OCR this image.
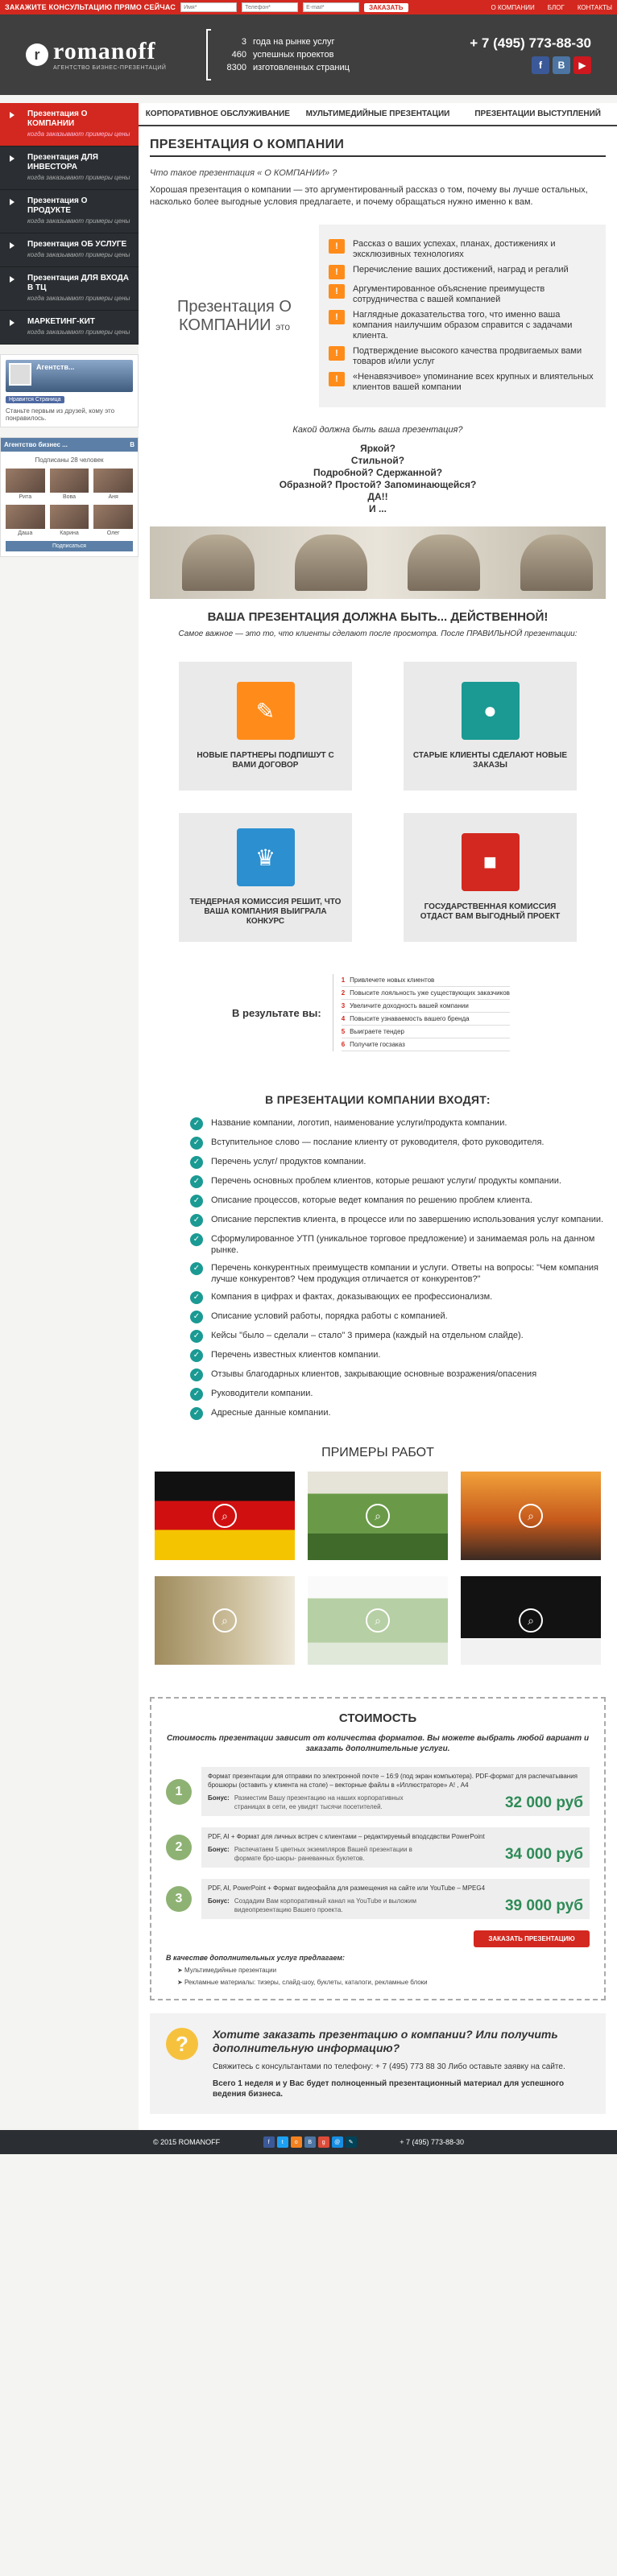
ЗАКАЖИТЕ КОНСУЛЬТАЦИЮ ПРЯМО СЕЙЧАС
Имя*
Телефон*
E-mail*	ЗАКАЗАТЬ	О КОМПАНИИ БЛОГ КОНТАКТЫ
r romanoff
АГЕНТСТВО БИЗНЕС-ПРЕЗЕНТАЦИЙ
3 года на рынке услуг
460 успешных проектов
8300 изготовленных страниц
+ 7 (495) 773-88-30
f	B	▶
Презентация О КОМПАНИИ
когда заказывают примеры цены
Презентация ДЛЯ ИНВЕСТОРА
когда заказывают примеры цены
Презентация О ПРОДУКТЕ
когда заказывают примеры цены
Презентация ОБ УСЛУГЕ
когда заказывают примеры цены
Презентация ДЛЯ ВХОДА В ТЦ
когда заказывают примеры цены
МАРКЕТИНГ-КИТ
когда заказывают примеры цены
Агентств...
Нравится Страница
Станьте первым из друзей, кому это понравилось.
Агентство бизнес ...	B
Подписаны 28 человек
Рита	Вова	Аня
Даша	Карина	Олег
Подписаться
КОРПОРАТИВНОЕ ОБСЛУЖИВАНИЕ	МУЛЬТИМЕДИЙНЫЕ ПРЕЗЕНТАЦИИ	ПРЕЗЕНТАЦИИ ВЫСТУПЛЕНИЙ
ПРЕЗЕНТАЦИЯ О КОМПАНИИ
Что такое презентация « О КОМПАНИИ» ?
Хорошая презентация о компании — это аргументированный рассказ о том, почему вы лучше остальных, насколько более выгодные условия предлагаете, и почему обращаться нужно именно к вам.
Презентация О КОМПАНИИ это
!	Рассказ о ваших успехах, планах, достижениях и эксклюзивных технологиях
!	Перечисление ваших достижений, наград и регалий
!	Аргументированное объяснение преимуществ сотрудничества с вашей компанией
!	Наглядные доказательства того, что именно ваша компания наилучшим образом справится с задачами клиента.
!	Подтверждение высокого качества продвигаемых вами товаров и/или услуг
!	«Ненавязчивое» упоминание всех крупных и влиятельных клиентов вашей компании
Какой должна быть ваша презентация?
Яркой?
Стильной?
Подробной? Сдержанной?
Образной? Простой? Запоминающейся?
ДА!!
И ...
ВАША ПРЕЗЕНТАЦИЯ ДОЛЖНА БЫТЬ... ДЕЙСТВЕННОЙ!
Самое важное — это то, что клиенты сделают после просмотра. После ПРАВИЛЬНОЙ презентации:
✎
НОВЫЕ ПАРТНЕРЫ ПОДПИШУТ С ВАМИ ДОГОВОР
●
СТАРЫЕ КЛИЕНТЫ СДЕЛАЮТ НОВЫЕ ЗАКАЗЫ
♛
ТЕНДЕРНАЯ КОМИССИЯ РЕШИТ, ЧТО ВАША КОМПАНИЯ ВЫИГРАЛА КОНКУРС
■
ГОСУДАРСТВЕННАЯ КОМИССИЯ ОТДАСТ ВАМ ВЫГОДНЫЙ ПРОЕКТ
В результате вы:
1 Привлечете новых клиентов
2 Повысите лояльность уже существующих заказчиков
3 Увеличите доходность вашей компании
4 Повысите узнаваемость вашего бренда
5 Выиграете тендер
6 Получите госзаказ
В ПРЕЗЕНТАЦИИ КОМПАНИИ ВХОДЯТ:
✓	Название компании, логотип, наименование услуги/продукта компании.
✓	Вступительное слово — послание клиенту от руководителя, фото руководителя.
✓	Перечень услуг/ продуктов компании.
✓	Перечень основных проблем клиентов, которые решают услуги/ продукты компании.
✓	Описание процессов, которые ведет компания по решению проблем клиента.
✓	Описание перспектив клиента, в процессе или по завершению использования услуг компании.
✓	Сформулированное УТП (уникальное торговое предложение) и занимаемая роль на данном рынке.
✓	Перечень конкурентных преимуществ компании и услуги. Ответы на вопросы: "Чем компания лучше конкурентов? Чем продукция отличается от конкурентов?"
✓	Компания в цифрах и фактах, доказывающих ее профессионализм.
✓	Описание условий работы, порядка работы с компанией.
✓	Кейсы "было – сделали – стало" 3 примера (каждый на отдельном слайде).
✓	Перечень известных клиентов компании.
✓	Отзывы благодарных клиентов, закрывающие основные возражения/опасения
✓	Руководители компании.
✓	Адресные данные компании.
ПРИМЕРЫ РАБОТ
⌕	⌕	⌕
⌕	⌕	⌕
СТОИМОСТЬ
Стоимость презентации зависит от количества форматов. Вы можете выбрать любой вариант и заказать дополнительные услуги.
1
Формат презентации для отправки по электронной почте – 16:9 (под экран компьютера). PDF-формат для распечатывания брошюры (оставить у клиента на столе) – векторные файлы в «Иллюстраторе» А! , А4
Бонус: Разместим Вашу презентацию на наших корпоративных страницах в сети, ее увидят тысячи посетителей.	32 000 руб
2
PDF, AI + Формат для личных встреч с клиентами – редактируемый вподсдвстви PowerPoint
Бонус: Распечатаем 5 цветных экземпляров Вашей презентации в формате бро-шюры- раневанных буклетов.	34 000 руб
3
PDF, AI, PowerPoint + Формат видеофайла для размещения на сайте или YouTube – MPEG4
Бонус: Создадим Вам корпоративный канал на YouTube и выложим видеопрезентацию Вашего проекта.	39 000 руб
ЗАКАЗАТЬ ПРЕЗЕНТАЦИЮ
В качестве дополнительных услуг предлагаем:
➤ Мультимедийные презентации
➤ Рекламные материалы: тизеры, слайд-шоу, буклеты, каталоги, рекламные блоки
?	Хотите заказать презентацию о компании? Или получить дополнительную информацию?

Свяжитесь с консультантами по телефону: + 7 (495) 773 88 30 Либо оставьте заявку на сайте.

Всего 1 неделя и у Вас будет полноценный презентационный материал для успешного ведения бизнеса.

© 2015 ROMANOFF	f	t	o	B	g	@	✎	+ 7 (495) 773-88-30
